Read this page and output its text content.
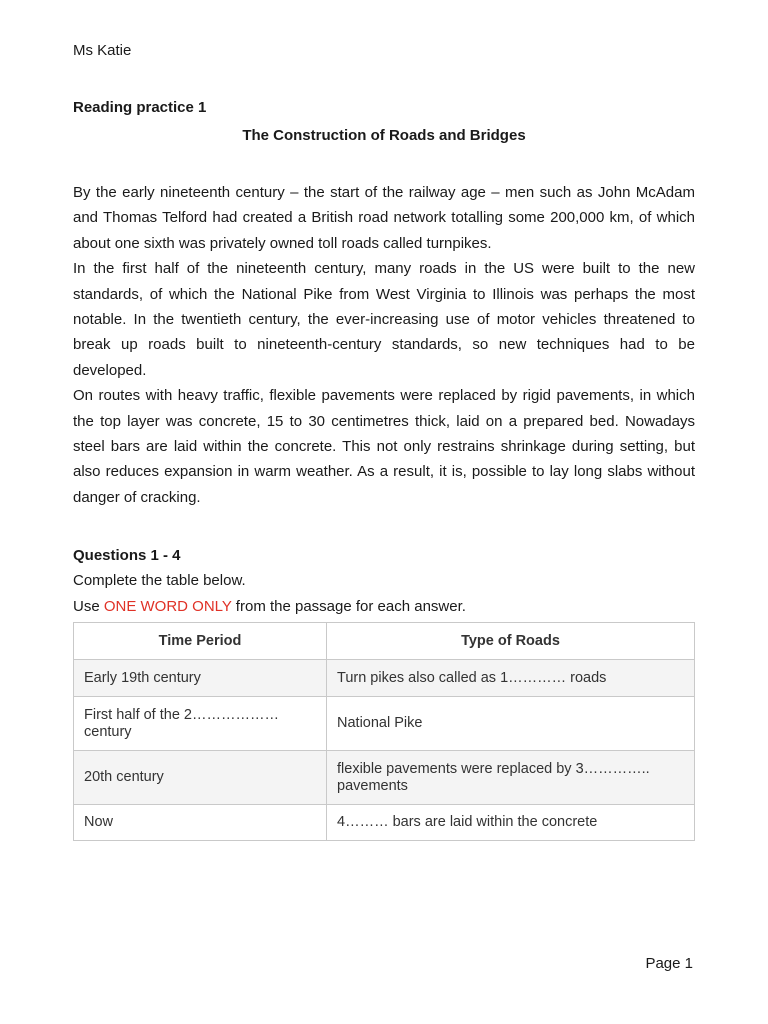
Ms Katie
Reading practice 1
The Construction of Roads and Bridges

By the early nineteenth century – the start of the railway age – men such as John McAdam and Thomas Telford had created a British road network totalling some 200,000 km, of which about one sixth was privately owned toll roads called turnpikes.

In the first half of the nineteenth century, many roads in the US were built to the new standards, of which the National Pike from West Virginia to Illinois was perhaps the most notable. In the twentieth century, the ever-increasing use of motor vehicles threatened to break up roads built to nineteenth-century standards, so new techniques had to be developed.

On routes with heavy traffic, flexible pavements were replaced by rigid pavements, in which the top layer was concrete, 15 to 30 centimetres thick, laid on a prepared bed. Nowadays steel bars are laid within the concrete. This not only restrains shrinkage during setting, but also reduces expansion in warm weather. As a result, it is, possible to lay long slabs without danger of cracking.

Questions 1 - 4
Complete the table below.
Use ONE WORD ONLY from the passage for each answer.
Time Period	Type of Roads
Early 19th century	Turn pikes also called as 1………… roads
First half of the 2……………… century	National Pike
20th century	flexible pavements were replaced by 3………….. pavements
Now	4……… bars are laid within the concrete
Page 1
